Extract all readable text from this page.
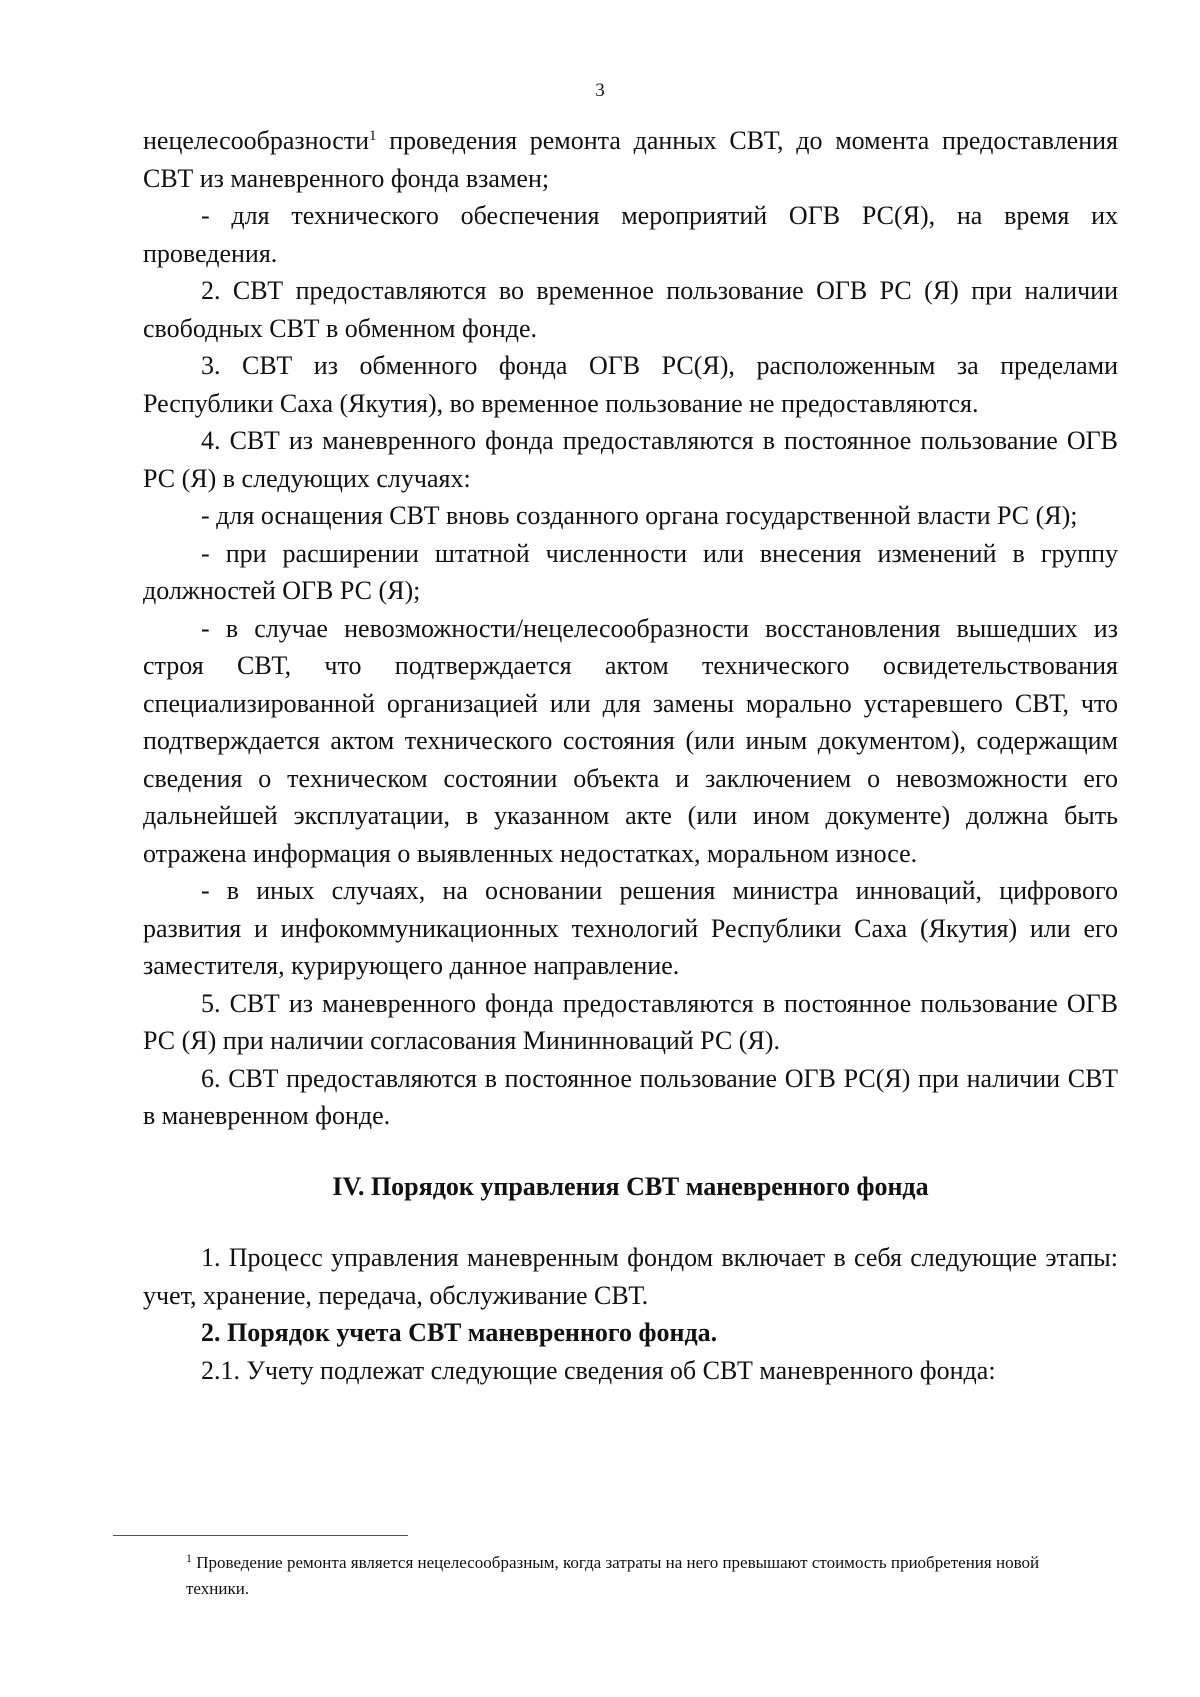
3

нецелесообразности$^1$ проведения ремонта данных СВТ, до момента предоставления СВТ из маневренного фонда взамен;

- для технического обеспечения мероприятий ОГВ РС(Я), на время их проведения.

2. СВТ предоставляются во временное пользование ОГВ РС (Я) при наличии свободных СВТ в обменном фонде.

3. СВТ из обменного фонда ОГВ РС(Я), расположенным за пределами Республики Саха (Якутия), во временное пользование не предоставляются.

4. СВТ из маневренного фонда предоставляются в постоянное пользование ОГВ РС (Я) в следующих случаях:

- для оснащения СВТ вновь созданного органа государственной власти РС (Я);

- при расширении штатной численности или внесения изменений в группу должностей ОГВ РС (Я);

- в случае невозможности/нецелесообразности восстановления вышедших из строя СВТ, что подтверждается актом технического освидетельствования специализированной организацией или для замены морально устаревшего СВТ, что подтверждается актом технического состояния (или иным документом), содержащим сведения о техническом состоянии объекта и заключением о невозможности его дальнейшей эксплуатации, в указанном акте (или ином документе) должна быть отражена информация о выявленных недостатках, моральном износе.

- в иных случаях, на основании решения министра инноваций, цифрового развития и инфокоммуникационных технологий Республики Саха (Якутия) или его заместителя, курирующего данное направление.

5. СВТ из маневренного фонда предоставляются в постоянное пользование ОГВ РС (Я) при наличии согласования Мининноваций РС (Я).

6. СВТ предоставляются в постоянное пользование ОГВ РС(Я) при наличии СВТ в маневренном фонде.

IV. Порядок управления СВТ маневренного фонда

1. Процесс управления маневренным фондом включает в себя следующие этапы: учет, хранение, передача, обслуживание СВТ.

2. Порядок учета СВТ маневренного фонда.

2.1. Учету подлежат следующие сведения об СВТ маневренного фонда:

$^1$ Проведение ремонта является нецелесообразным, когда затраты на него превышают стоимость приобретения новой техники.
